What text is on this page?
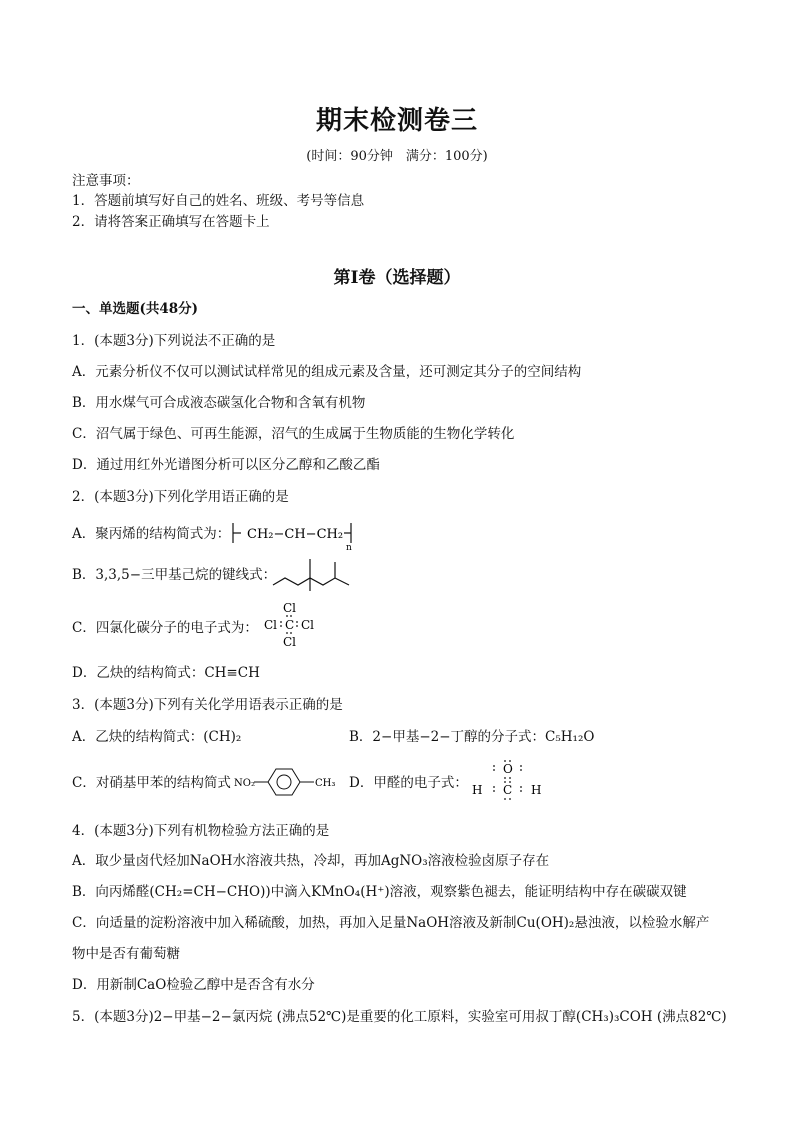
期末检测卷三
(时间：90分钟　满分：100分)
注意事项：
1．答题前填写好自己的姓名、班级、考号等信息
2．请将答案正确填写在答题卡上
第Ⅰ卷（选择题）
一、单选题(共48分)
1．(本题3分)下列说法不正确的是
A．元素分析仪不仅可以测试试样常见的组成元素及含量，还可测定其分子的空间结构
B．用水煤气可合成液态碳氢化合物和含氧有机物
C．沼气属于绿色、可再生能源，沼气的生成属于生物质能的生物化学转化
D．通过用红外光谱图分析可以区分乙醇和乙酸乙酯
2．(本题3分)下列化学用语正确的是
A．聚丙烯的结构简式为： CH₂−CH−CH₂
n
B．3,3,5−三甲基己烷的键线式：
C．四氯化碳分子的电子式为：
Cl
Cl C Cl
Cl
D．乙炔的结构简式：CH≡CH
3．(本题3分)下列有关化学用语表示正确的是
A．乙炔的结构简式：(CH)₂	B．2−甲基−2−丁醇的分子式：C₅H₁₂O
C．对硝基甲苯的结构简式 NO₂	CH₃ D．甲醛的电子式：
O
C
H	H
4．(本题3分)下列有机物检验方法正确的是
A．取少量卤代烃加NaOH水溶液共热，冷却，再加AgNO₃溶液检验卤原子存在
B．向丙烯醛(CH₂=CH−CHO))中滴入KMnO₄(H⁺)溶液，观察紫色褪去，能证明结构中存在碳碳双键
C．向适量的淀粉溶液中加入稀硫酸，加热，再加入足量NaOH溶液及新制Cu(OH)₂悬浊液，以检验水解产
物中是否有葡萄糖
D．用新制CaO检验乙醇中是否含有水分
5．(本题3分)2−甲基−2−氯丙烷 (沸点52℃)是重要的化工原料，实验室可用叔丁醇(CH₃)₃COH (沸点82℃)
